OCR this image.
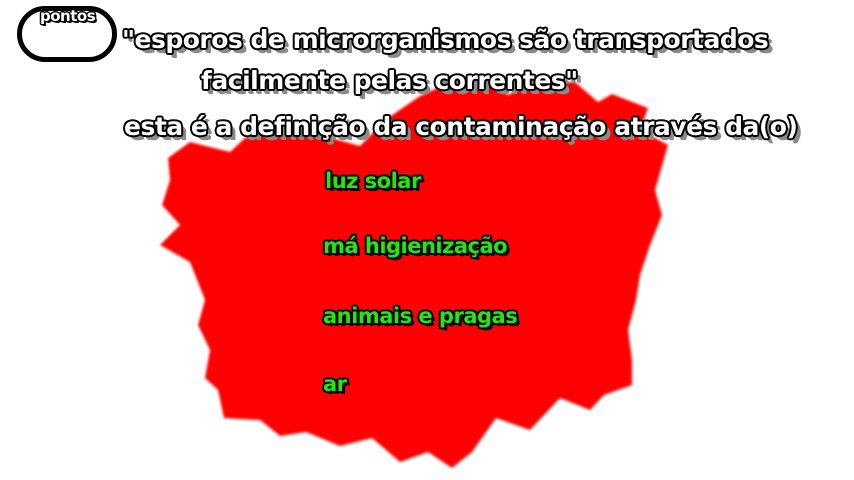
pontos
"esporos de microrganismos são transportados
facilmente pelas correntes"
esta é a definição da contaminação através da(o)
luz solar
má higienização
animais e pragas
ar
